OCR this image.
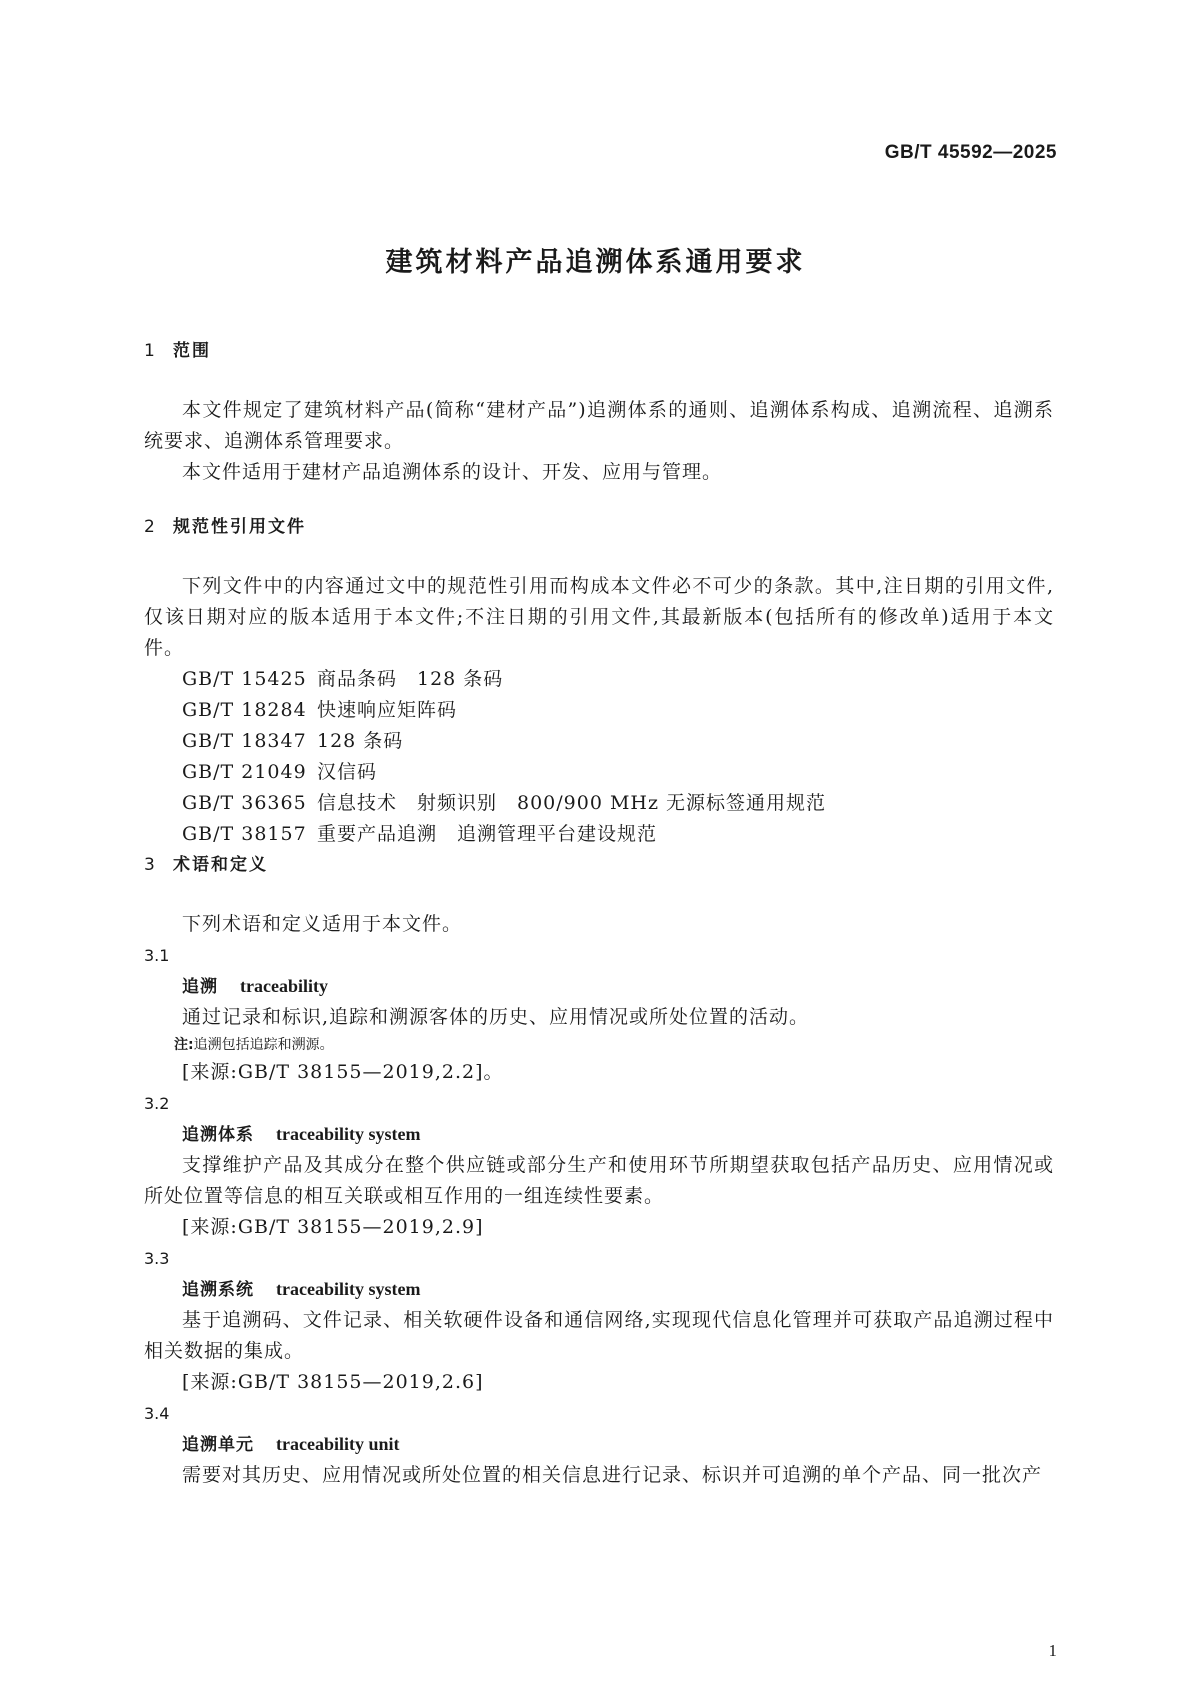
GB/T 45592—2025
建筑材料产品追溯体系通用要求
1 范围

本文件规定了建筑材料产品(简称“建材产品”)追溯体系的通则、追溯体系构成、追溯流程、追溯系统要求、追溯体系管理要求。

本文件适用于建材产品追溯体系的设计、开发、应用与管理。

2 规范性引用文件

下列文件中的内容通过文中的规范性引用而构成本文件必不可少的条款。其中,注日期的引用文件,仅该日期对应的版本适用于本文件;不注日期的引用文件,其最新版本(包括所有的修改单)适用于本文件。

GB/T 15425 商品条码　128 条码
GB/T 18284 快速响应矩阵码
GB/T 18347 128 条码
GB/T 21049 汉信码
GB/T 36365 信息技术　射频识别　800/900 MHz 无源标签通用规范
GB/T 38157 重要产品追溯　追溯管理平台建设规范
3 术语和定义

下列术语和定义适用于本文件。

3.1
追溯 traceability

通过记录和标识,追踪和溯源客体的历史、应用情况或所处位置的活动。

注:追溯包括追踪和溯源。

[来源:GB/T 38155—2019,2.2]。

3.2
追溯体系 traceability system

支撑维护产品及其成分在整个供应链或部分生产和使用环节所期望获取包括产品历史、应用情况或所处位置等信息的相互关联或相互作用的一组连续性要素。

[来源:GB/T 38155—2019,2.9]

3.3
追溯系统 traceability system

基于追溯码、文件记录、相关软硬件设备和通信网络,实现现代信息化管理并可获取产品追溯过程中相关数据的集成。

[来源:GB/T 38155—2019,2.6]

3.4
追溯单元 traceability unit

需要对其历史、应用情况或所处位置的相关信息进行记录、标识并可追溯的单个产品、同一批次产

1
